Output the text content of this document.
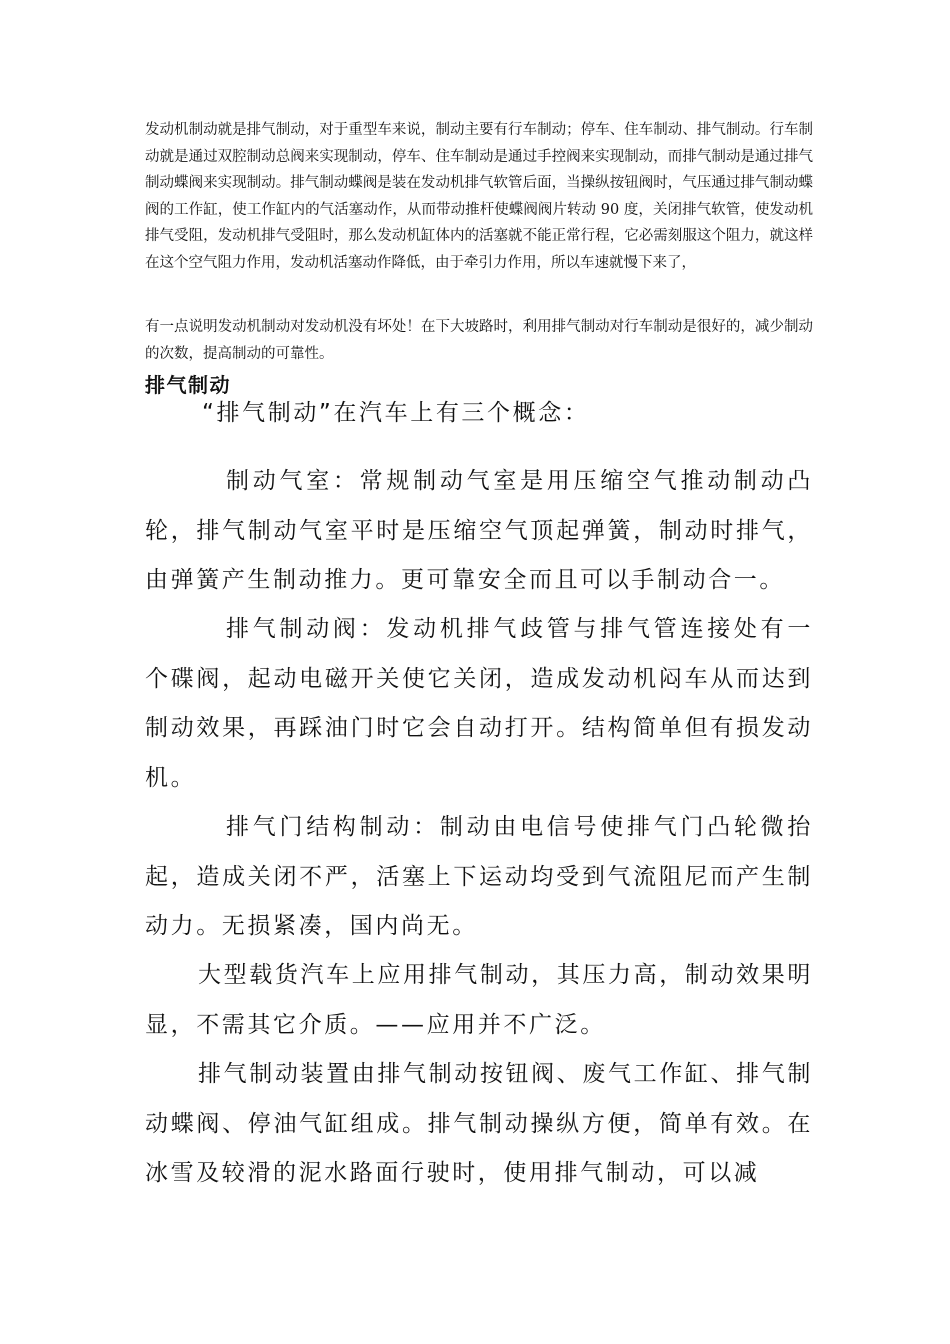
发动机制动就是排气制动，对于重型车来说，制动主要有行车制动；停车、住车制动、排气制动。行车制动就是通过双腔制动总阀来实现制动，停车、住车制动是通过手控阀来实现制动，而排气制动是通过排气制动蝶阀来实现制动。排气制动蝶阀是装在发动机排气软管后面，当操纵按钮阀时，气压通过排气制动蝶阀的工作缸，使工作缸内的气活塞动作，从而带动推杆使蝶阀阀片转动 90 度，关闭排气软管，使发动机排气受阻，发动机排气受阻时，那么发动机缸体内的活塞就不能正常行程，它必需刻服这个阻力，就这样在这个空气阻力作用，发动机活塞动作降低，由于牵引力作用，所以车速就慢下来了，

有一点说明发动机制动对发动机没有坏处！在下大坡路时，利用排气制动对行车制动是很好的，减少制动的次数，提高制动的可靠性。

排气制动

“排气制动”在汽车上有三个概念：

制动气室：常规制动气室是用压缩空气推动制动凸轮，排气制动气室平时是压缩空气顶起弹簧，制动时排气，由弹簧产生制动推力。更可靠安全而且可以手制动合一。

排气制动阀：发动机排气歧管与排气管连接处有一个碟阀，起动电磁开关使它关闭，造成发动机闷车从而达到制动效果，再踩油门时它会自动打开。结构简单但有损发动机。

排气门结构制动：制动由电信号使排气门凸轮微抬起，造成关闭不严，活塞上下运动均受到气流阻尼而产生制动力。无损紧凑，国内尚无。

大型载货汽车上应用排气制动，其压力高，制动效果明显，不需其它介质。——应用并不广泛。

排气制动装置由排气制动按钮阀、废气工作缸、排气制动蝶阀、停油气缸组成。排气制动操纵方便，简单有效。在冰雪及较滑的泥水路面行驶时，使用排气制动，可以减
